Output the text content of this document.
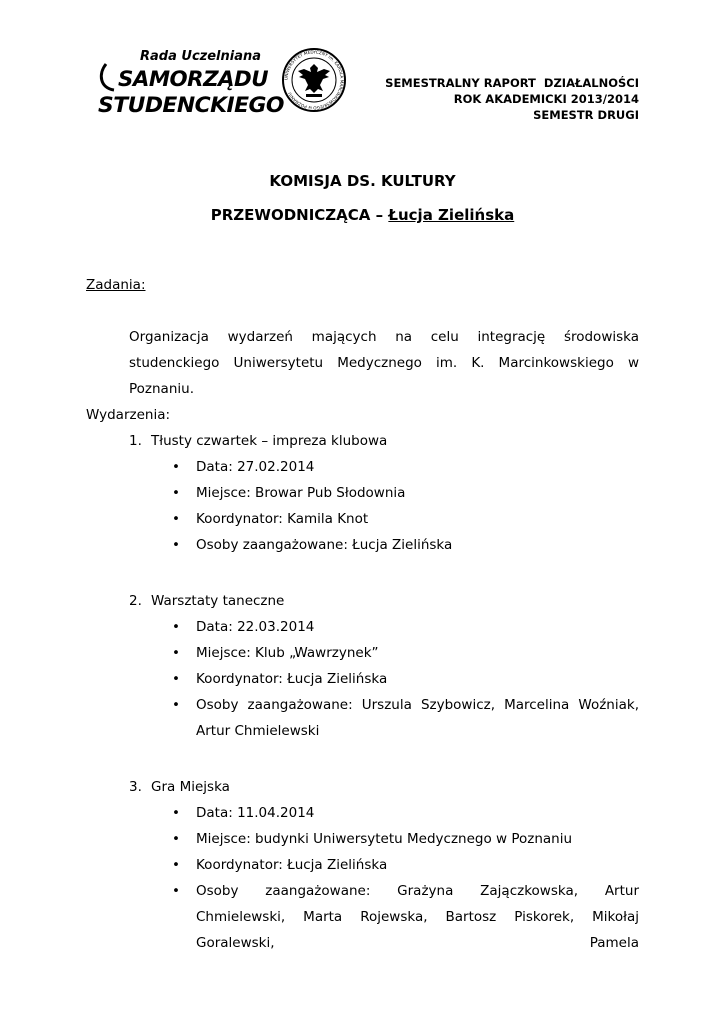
Rada Uczelniana
SAMORZĄDU
STUDENCKIEGO
UNIWERSYTET MEDYCZNY im. KAROLA MARCINKOWSKIEGO w POZNANIU
SEMESTRALNY RAPORT  DZIAŁALNOŚCI
ROK AKADEMICKI 2013/2014
SEMESTR DRUGI
KOMISJA DS. KULTURY
PRZEWODNICZĄCA – Łucja Zielińska
Zadania:
Organizacja wydarzeń mających na celu integrację środowiska studenckiego Uniwersytetu Medycznego im. K. Marcinkowskiego w Poznaniu.
Wydarzenia:
1. Tłusty czwartek – impreza klubowa
• Data: 27.02.2014
• Miejsce: Browar Pub Słodownia
• Koordynator: Kamila Knot
• Osoby zaangażowane: Łucja Zielińska
2. Warsztaty taneczne
• Data: 22.03.2014
• Miejsce: Klub „Wawrzynek”
• Koordynator: Łucja Zielińska
• Osoby zaangażowane: Urszula Szybowicz, Marcelina Woźniak, Artur Chmielewski
3. Gra Miejska
• Data: 11.04.2014
• Miejsce: budynki Uniwersytetu Medycznego w Poznaniu
• Koordynator: Łucja Zielińska
• Osoby zaangażowane: Grażyna Zajączkowska, Artur Chmielewski, Marta Rojewska, Bartosz Piskorek, Mikołaj Goralewski, Pamela
